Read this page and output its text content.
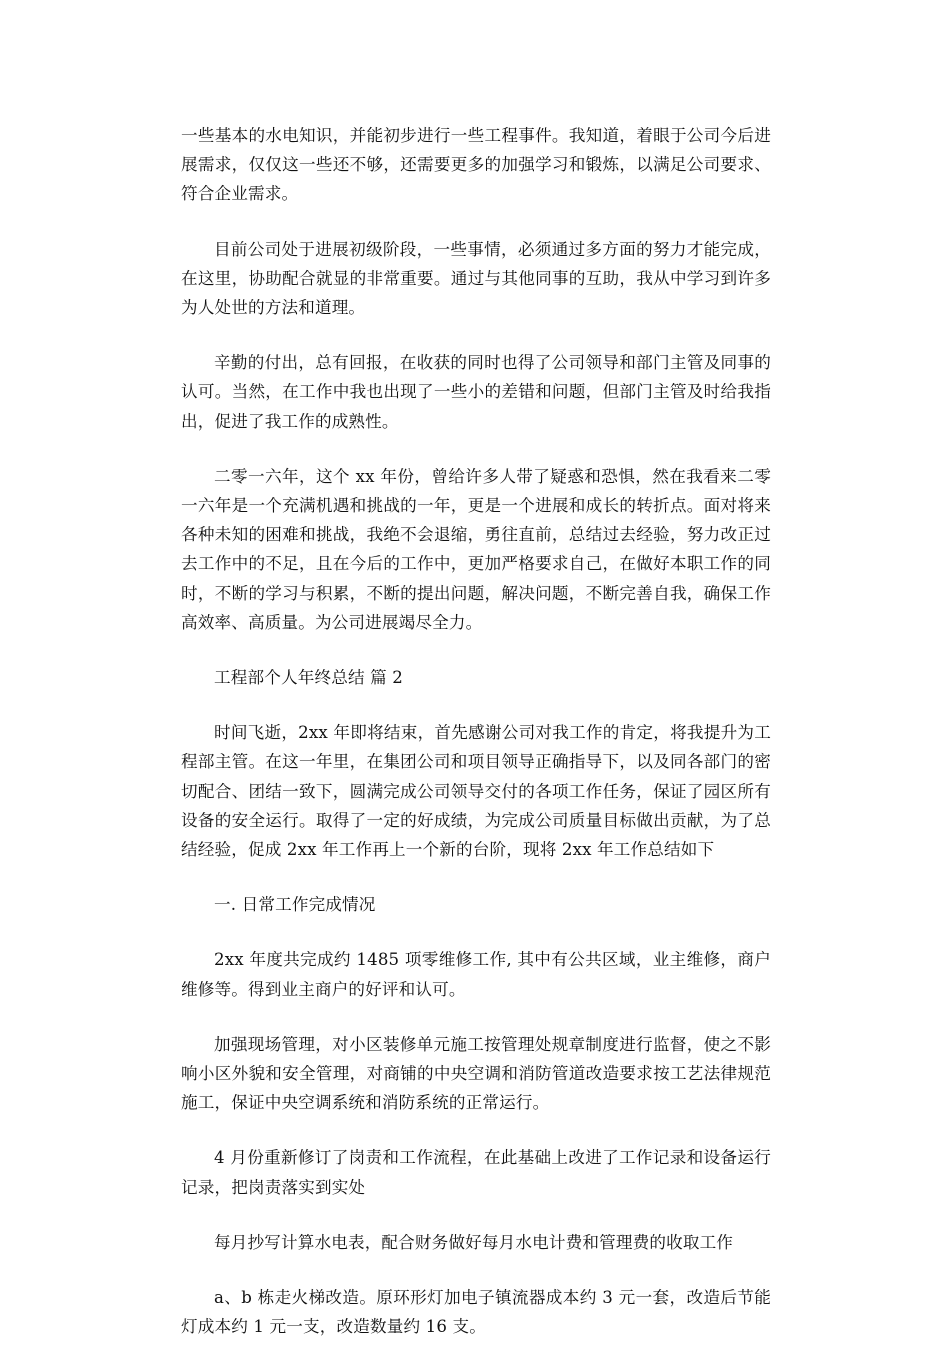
一些基本的水电知识，并能初步进行一些工程事件。我知道，着眼于公司今后进展需求，仅仅这一些还不够，还需要更多的加强学习和锻炼，以满足公司要求、符合企业需求。

目前公司处于进展初级阶段，一些事情，必须通过多方面的努力才能完成，在这里，协助配合就显的非常重要。通过与其他同事的互助，我从中学习到许多为人处世的方法和道理。

辛勤的付出，总有回报，在收获的同时也得了公司领导和部门主管及同事的认可。当然，在工作中我也出现了一些小的差错和问题，但部门主管及时给我指出，促进了我工作的成熟性。

二零一六年，这个 xx 年份，曾给许多人带了疑惑和恐惧，然在我看来二零一六年是一个充满机遇和挑战的一年，更是一个进展和成长的转折点。面对将来各种未知的困难和挑战，我绝不会退缩，勇往直前，总结过去经验，努力改正过去工作中的不足，且在今后的工作中，更加严格要求自己，在做好本职工作的同时，不断的学习与积累，不断的提出问题，解决问题，不断完善自我，确保工作高效率、高质量。为公司进展竭尽全力。

工程部个人年终总结 篇 2

时间飞逝，2xx 年即将结束，首先感谢公司对我工作的肯定，将我提升为工程部主管。在这一年里，在集团公司和项目领导正确指导下，以及同各部门的密切配合、团结一致下，圆满完成公司领导交付的各项工作任务，保证了园区所有设备的安全运行。取得了一定的好成绩，为完成公司质量目标做出贡献，为了总结经验，促成 2xx 年工作再上一个新的台阶，现将 2xx 年工作总结如下

一. 日常工作完成情况

2xx 年度共完成约 1485 项零维修工作, 其中有公共区域，业主维修，商户维修等。得到业主商户的好评和认可。

加强现场管理，对小区装修单元施工按管理处规章制度进行监督，使之不影响小区外貌和安全管理，对商铺的中央空调和消防管道改造要求按工艺法律规范施工，保证中央空调系统和消防系统的正常运行。

4 月份重新修订了岗责和工作流程，在此基础上改进了工作记录和设备运行记录，把岗责落实到实处

每月抄写计算水电表，配合财务做好每月水电计费和管理费的收取工作

a、b 栋走火梯改造。原环形灯加电子镇流器成本约 3 元一套，改造后节能灯成本约 1 元一支，改造数量约 16 支。
